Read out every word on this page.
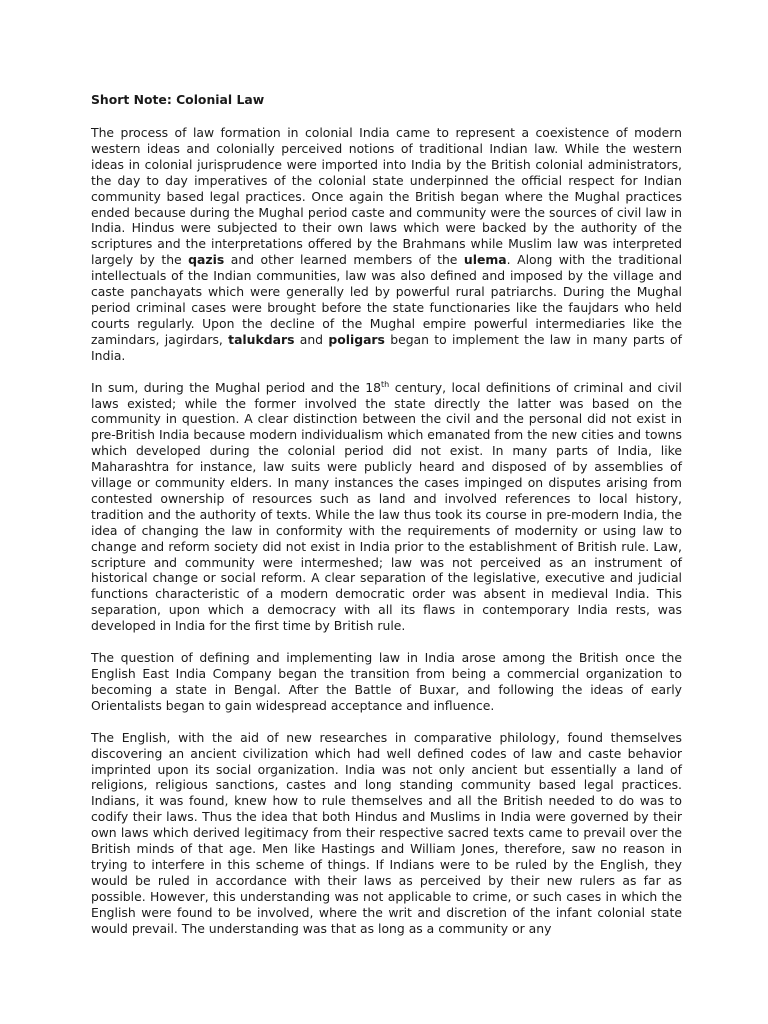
Short Note: Colonial Law

The process of law formation in colonial India came to represent a coexistence of modern western ideas and colonially perceived notions of traditional Indian law. While the western ideas in colonial jurisprudence were imported into India by the British colonial administrators, the day to day imperatives of the colonial state underpinned the official respect for Indian community based legal practices. Once again the British began where the Mughal practices ended because during the Mughal period caste and community were the sources of civil law in India. Hindus were subjected to their own laws which were backed by the authority of the scriptures and the interpretations offered by the Brahmans while Muslim law was interpreted largely by the qazis and other learned members of the ulema. Along with the traditional intellectuals of the Indian communities, law was also defined and imposed by the village and caste panchayats which were generally led by powerful rural patriarchs. During the Mughal period criminal cases were brought before the state functionaries like the faujdars who held courts regularly. Upon the decline of the Mughal empire powerful intermediaries like the zamindars, jagirdars, talukdars and poligars began to implement the law in many parts of India.

In sum, during the Mughal period and the 18th century, local definitions of criminal and civil laws existed; while the former involved the state directly the latter was based on the community in question. A clear distinction between the civil and the personal did not exist in pre-British India because modern individualism which emanated from the new cities and towns which developed during the colonial period did not exist. In many parts of India, like Maharashtra for instance, law suits were publicly heard and disposed of by assemblies of village or community elders. In many instances the cases impinged on disputes arising from contested ownership of resources such as land and involved references to local history, tradition and the authority of texts. While the law thus took its course in pre-modern India, the idea of changing the law in conformity with the requirements of modernity or using law to change and reform society did not exist in India prior to the establishment of British rule. Law, scripture and community were intermeshed; law was not perceived as an instrument of historical change or social reform. A clear separation of the legislative, executive and judicial functions characteristic of a modern democratic order was absent in medieval India. This separation, upon which a democracy with all its flaws in contemporary India rests, was developed in India for the first time by British rule.

The question of defining and implementing law in India arose among the British once the English East India Company began the transition from being a commercial organization to becoming a state in Bengal. After the Battle of Buxar, and following the ideas of early Orientalists began to gain widespread acceptance and influence.

The English, with the aid of new researches in comparative philology, found themselves discovering an ancient civilization which had well defined codes of law and caste behavior imprinted upon its social organization. India was not only ancient but essentially a land of religions, religious sanctions, castes and long standing community based legal practices. Indians, it was found, knew how to rule themselves and all the British needed to do was to codify their laws. Thus the idea that both Hindus and Muslims in India were governed by their own laws which derived legitimacy from their respective sacred texts came to prevail over the British minds of that age. Men like Hastings and William Jones, therefore, saw no reason in trying to interfere in this scheme of things. If Indians were to be ruled by the English, they would be ruled in accordance with their laws as perceived by their new rulers as far as possible. However, this understanding was not applicable to crime, or such cases in which the English were found to be involved, where the writ and discretion of the infant colonial state would prevail. The understanding was that as long as a community or any
